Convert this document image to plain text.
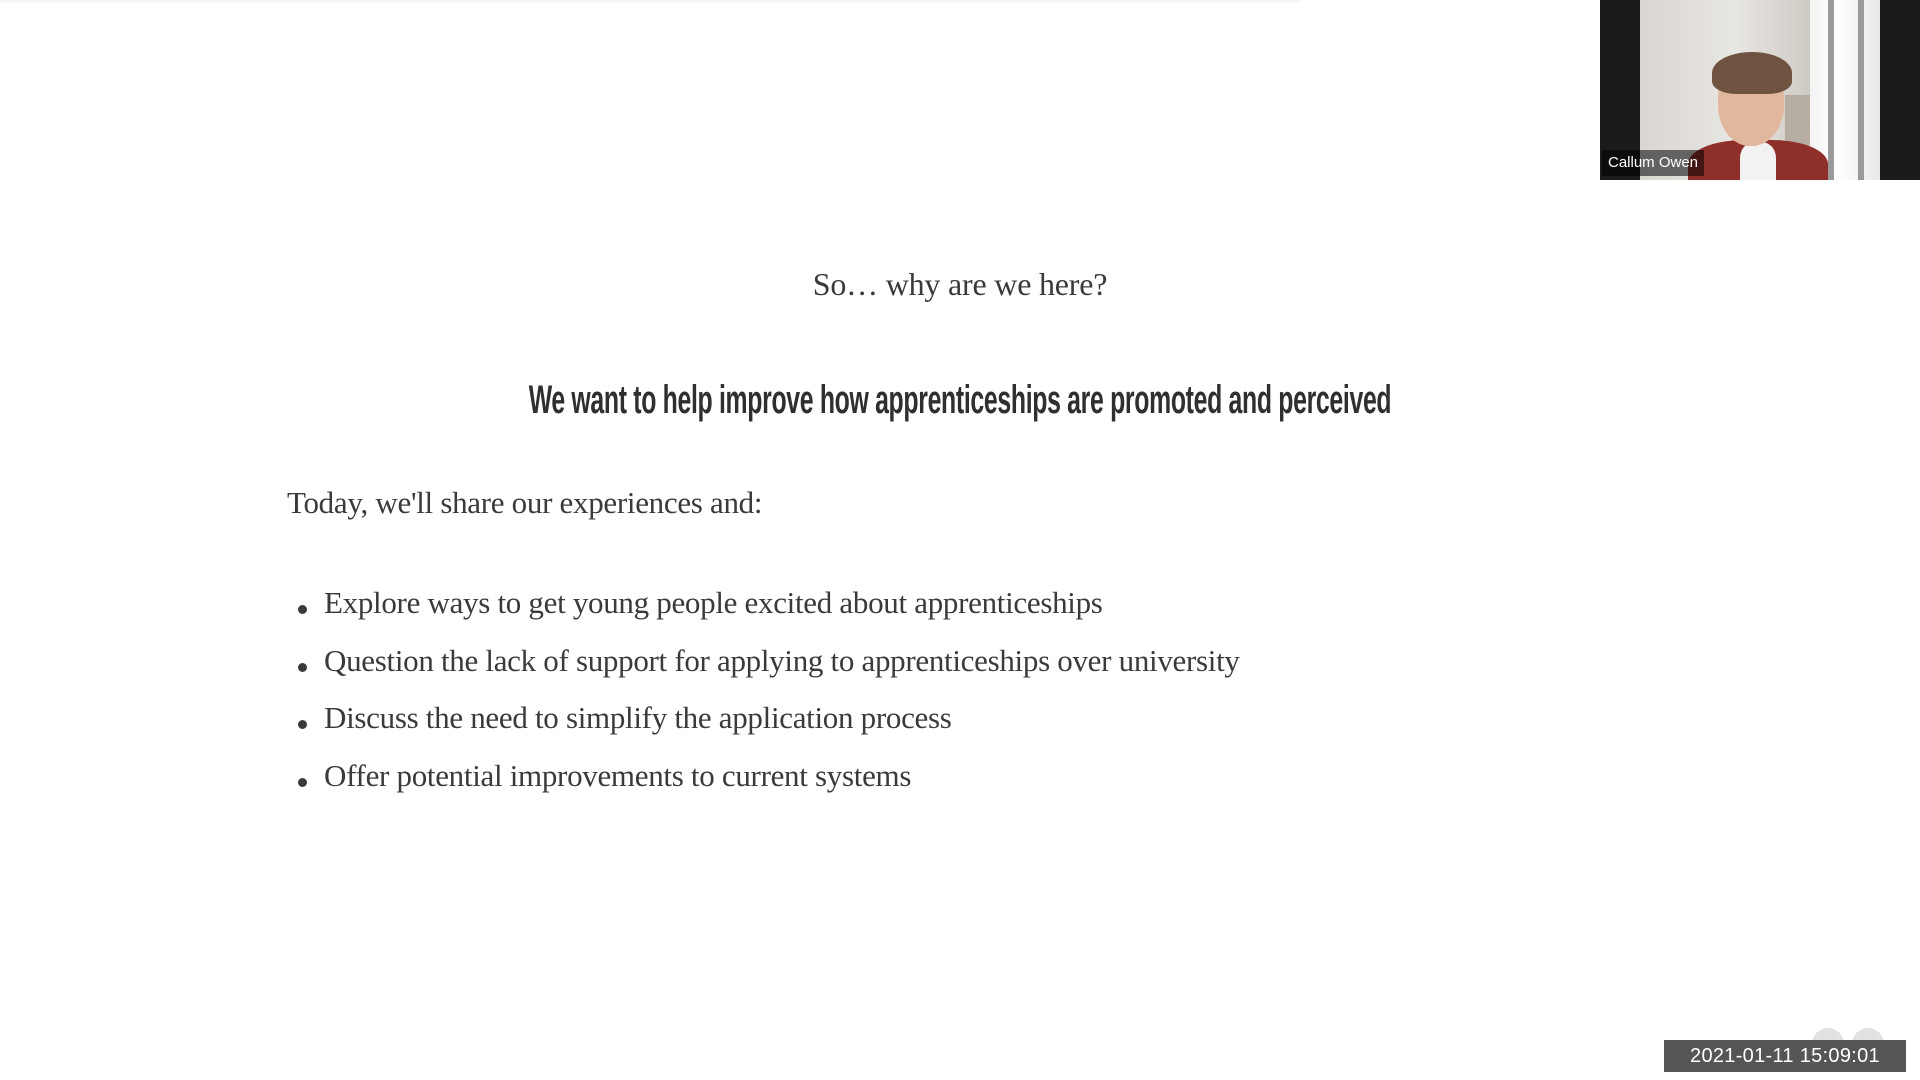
So… why are we here?
We want to help improve how apprenticeships are promoted and perceived
Today, we'll share our experiences and:
Explore ways to get young people excited about apprenticeships
Question the lack of support for applying to apprenticeships over university
Discuss the need to simplify the application process
Offer potential improvements to current systems
Callum Owen
2021-01-11 15:09:01
